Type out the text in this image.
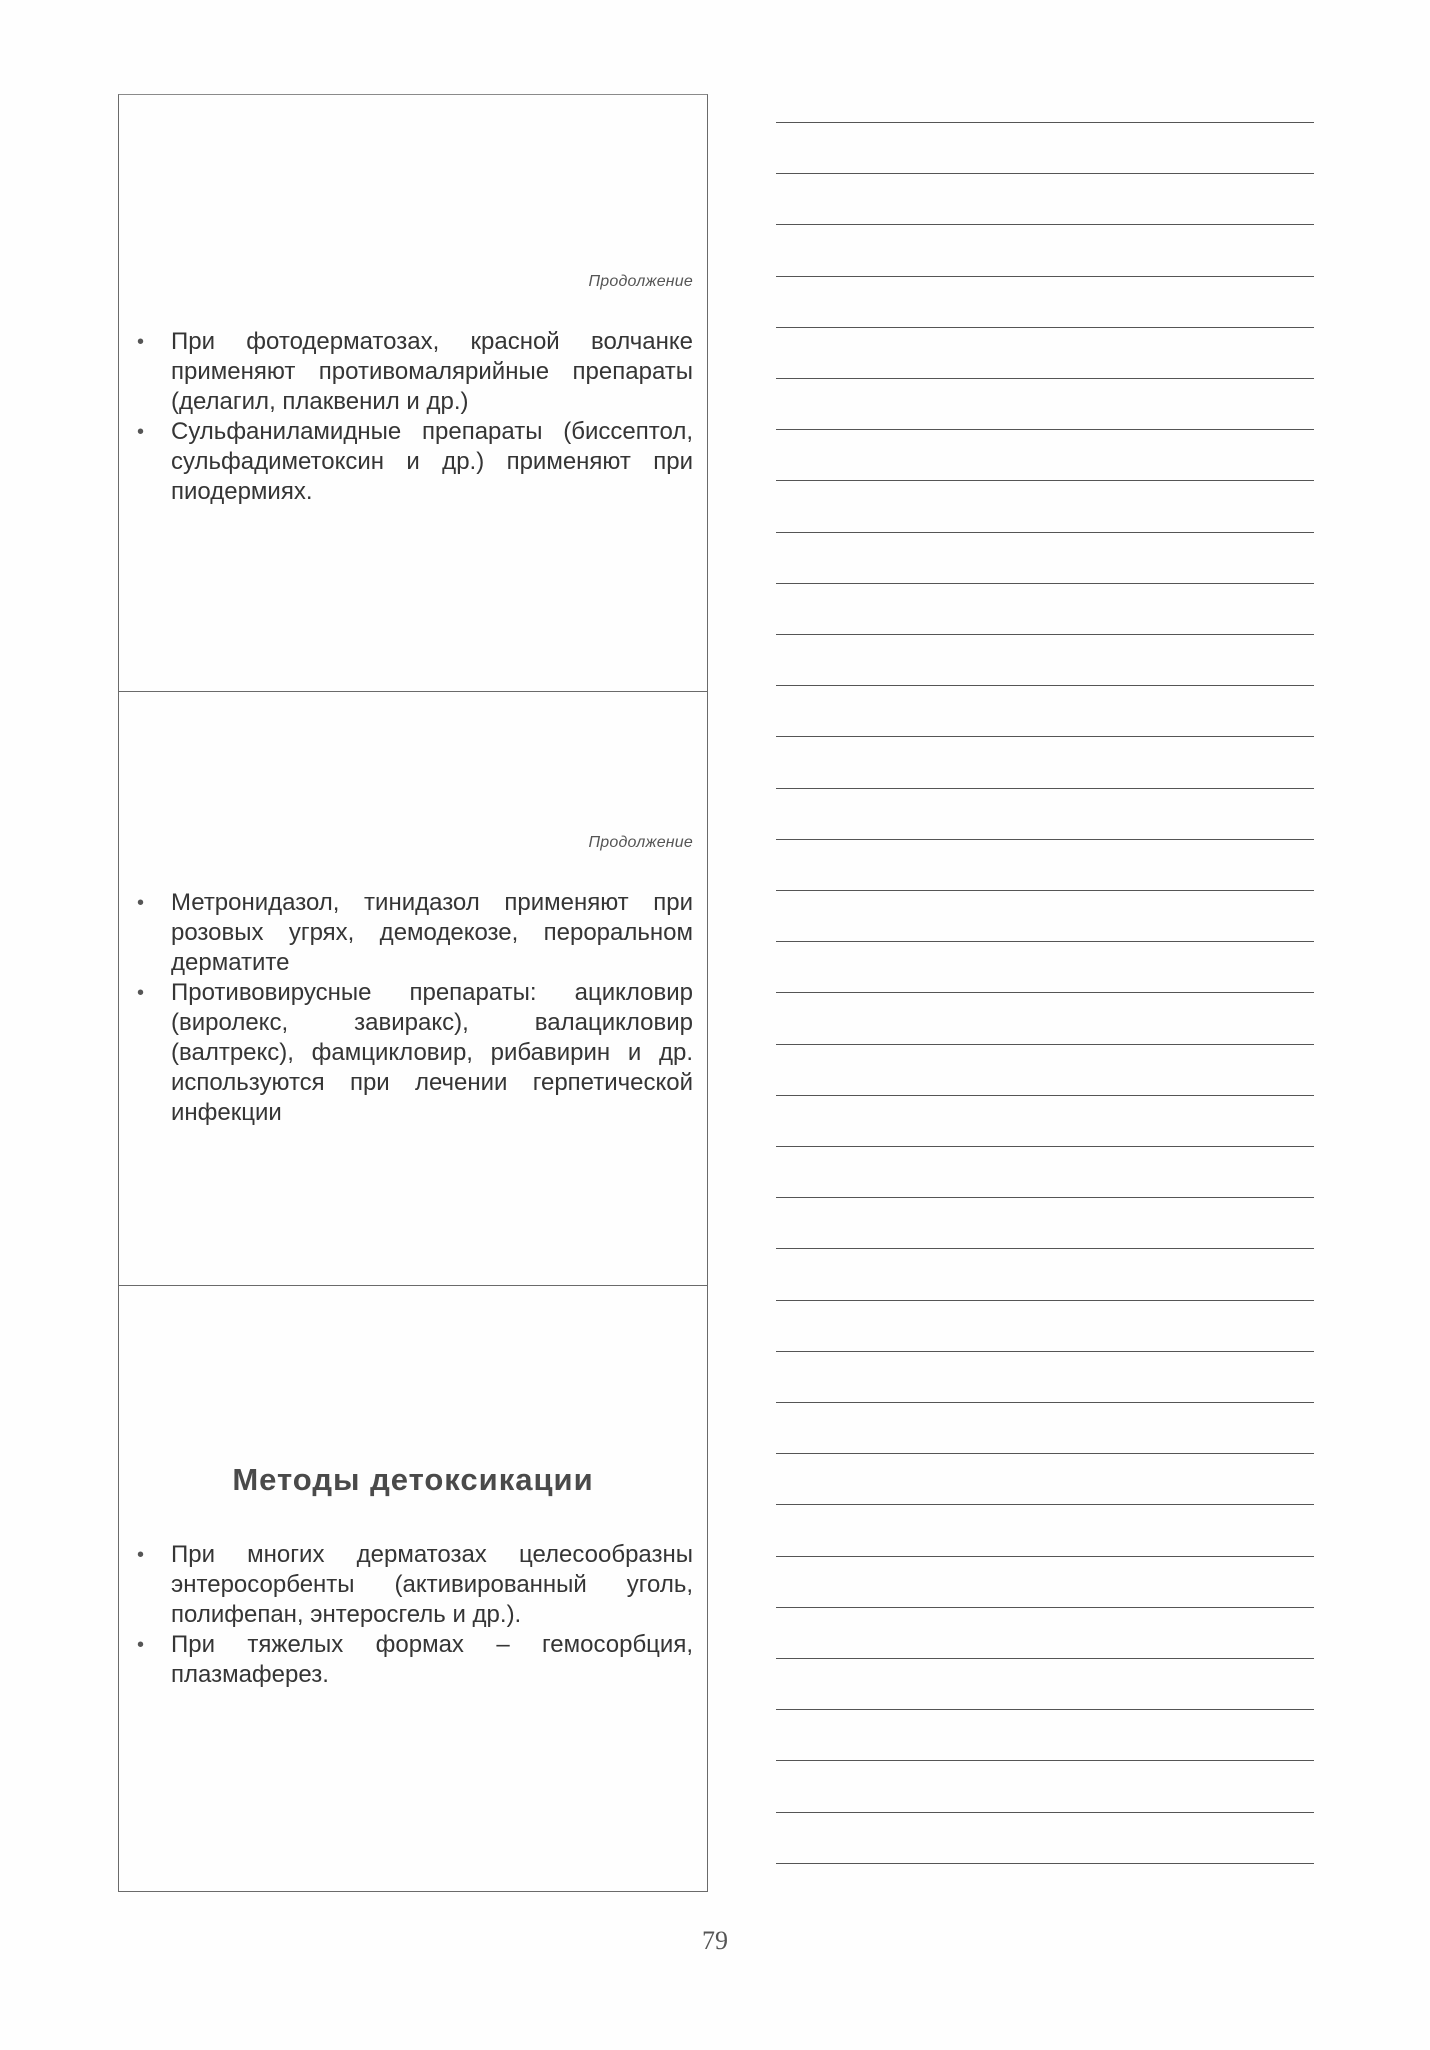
Продолжение
•	При фотодерматозах, красной волчанке применяют противомалярийные препараты (делагил, плаквенил и др.)
•	Сульфаниламидные препараты (биссептол, сульфадиметоксин и др.) применяют при пиодермиях.
Продолжение
•	Метронидазол, тинидазол применяют при розовых угрях, демодекозе, пероральном дерматите
•	Противовирусные препараты: ацикловир (виролекс, завиракс), валацикловир (валтрекс), фамцикловир, рибавирин и др. используются при лечении герпетической инфекции
Методы детоксикации
•	При многих дерматозах целесообразны энтеросорбенты (активированный уголь, полифепан, энтеросгель и др.).
•	При тяжелых формах – гемосорбция, плазмаферез.
79
